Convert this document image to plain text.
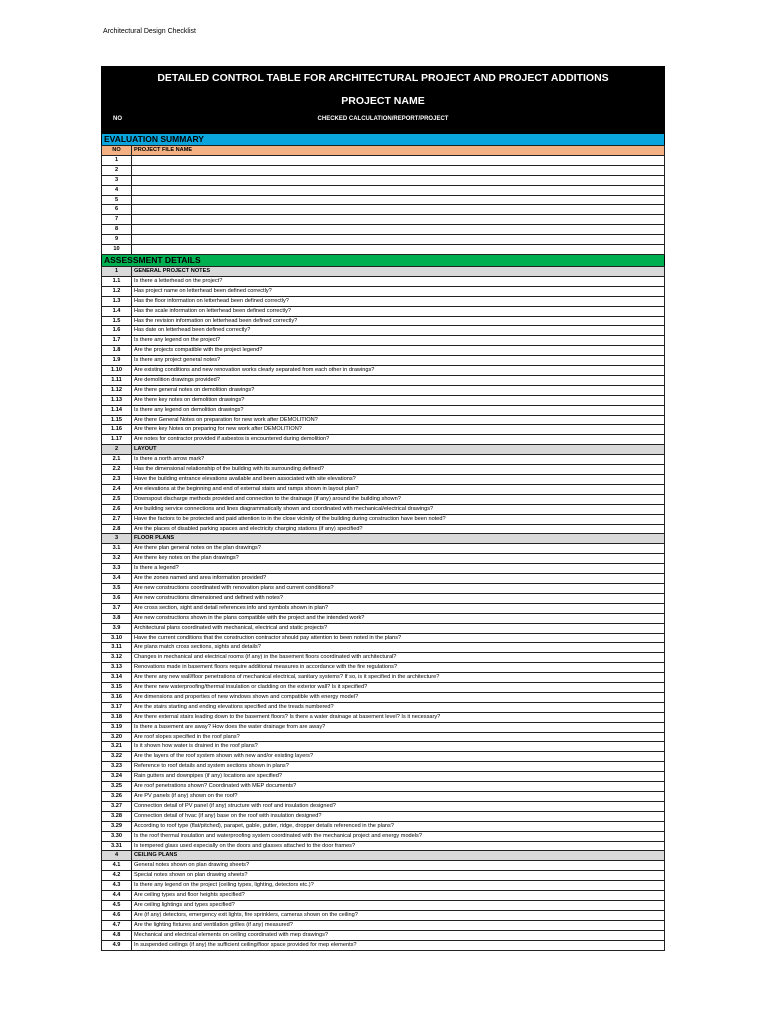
Architectural Design Checklist
DETAILED CONTROL TABLE FOR ARCHITECTURAL PROJECT AND PROJECT ADDITIONS
PROJECT NAME
NO	CHECKED CALCULATION/REPORT/PROJECT
EVALUATION SUMMARY
NO	PROJECT FILE NAME
1	
2	
3	
4	
5	
6	
7	
8	
9	
10	
ASSESSMENT DETAILS
1	GENERAL PROJECT NOTES
1.1	Is there a letterhead on the project?
1.2	Has project name on letterhead been defined correctly?
1.3	Has the floor information on letterhead been defined correctly?
1.4	Has the scale information on letterhead been defined correctly?
1.5	Has the revision information on letterhead been defined correctly?
1.6	Has date on letterhead been defined correctly?
1.7	Is there any legend on the project?
1.8	Are the projects compatible with the project legend?
1.9	Is there any project general notes?
1.10	Are existing conditions and new renovation works clearly separated from each other in drawings?
1.11	Are demolition drawings provided?
1.12	Are there general notes on demolition drawings?
1.13	Are there key notes on demolition drawings?
1.14	Is there any legend on demolition drawings?
1.15	Are there General Notes on preparation for new work after DEMOLITION?
1.16	Are there key Notes on preparing for new work after DEMOLITION?
1.17	Are notes for contractor provided if asbestos is encountered during demolition?
2	LAYOUT
2.1	Is there a north arrow mark?
2.2	Has the dimensional relationship of the building with its surrounding defined?
2.3	Have the building entrance elevations available and been associated with site elevations?
2.4	Are elevations at the beginning and end of external stairs and ramps shown in layout plan?
2.5	Downspout discharge methods provided and connection to the drainage (if any) around the building shown?
2.6	Are building service connections and lines diagrammatically shown and coordinated with mechanical/electrical drawings?
2.7	Have the factors to be protected and paid attention to in the close vicinity of the building during construction have been noted?
2.8	Are the places of disabled parking spaces and electricity charging stations (if any) specified?
3	FLOOR PLANS
3.1	Are there plan general notes on the plan drawings?
3.2	Are there key notes on the plan drawings?
3.3	Is there a legend?
3.4	Are the zones named and area information provided?
3.5	Are new constructions coordinated with renovation plans and current conditions?
3.6	Are new constructions dimensioned and defined with notes?
3.7	Are cross section, sight and detail references info and symbols shown in plan?
3.8	Are new constructions shown in the plans compatible with the project and the intended work?
3.9	Architectural plans coordinated with mechanical, electrical and static projects?
3.10	Have the current conditions that the construction contractor should pay attention to been noted in the plans?
3.11	Are plans match cross sections, sights and details?
3.12	Changes in mechanical and electrical rooms (if any) in the basement floors coordinated with architectural?
3.13	Renovations made in basement floors require additional measures in accordance with the fire regulations?
3.14	Are there any new wall/floor penetrations of mechanical electrical, sanitary systems? If so, is it specified in the architecture?
3.15	Are there new waterproofing/thermal insulation or cladding on the exterior wall? Is it specified?
3.16	Are dimensions and properties of new windows shown and compatible with energy model?
3.17	Are the stairs starting and ending elevations specified and the treads numbered?
3.18	Are there external stairs leading down to the basement floors? Is there a water drainage at basement level? Is it necessary?
3.19	Is there a basement are away? How does the water drainage from are away?
3.20	Are roof slopes specified in the roof plans?
3.21	Is it shown how water is drained in the roof plans?
3.22	Are the layers of the roof system shown with new and/or existing layers?
3.23	Reference to roof details and system sections shown in plans?
3.24	Rain gutters and downpipes (if any) locations are specified?
3.25	Are roof penetrations shown? Coordinated with MEP documents?
3.26	Are PV panels (if any) shown on the roof?
3.27	Connection detail of PV panel (if any) structure with roof and insulation designed?
3.28	Connection detail of hvac (if any) base on the roof with insulation designed?
3.29	According to roof type (flat/pitched), parapet, gable, gutter, ridge, dropper details referenced in the plans?
3.30	Is the roof thermal insulation and waterproofing system coordinated with the mechanical project and energy models?
3.31	Is tempered glass used especially on the doors and glasses attached to the door frames?
4	CEILING PLANS
4.1	General notes shown on plan drawing sheets?
4.2	Special notes shown on plan drawing sheets?
4.3	Is there any legend on the project (ceiling types, lighting, detectors etc.)?
4.4	Are ceiling types and floor heights specified?
4.5	Are ceiling lightings and types specified?
4.6	Are (if any) detectors, emergency exit lights, fire sprinklers, cameras shown on the ceiling?
4.7	Are the lighting fixtures and ventilation grilles (if any) measured?
4.8	Mechanical and electrical elements on ceiling coordinated with mep drawings?
4.9	In suspended ceilings (if any) the sufficient ceiling/floor space provided for mep elements?
